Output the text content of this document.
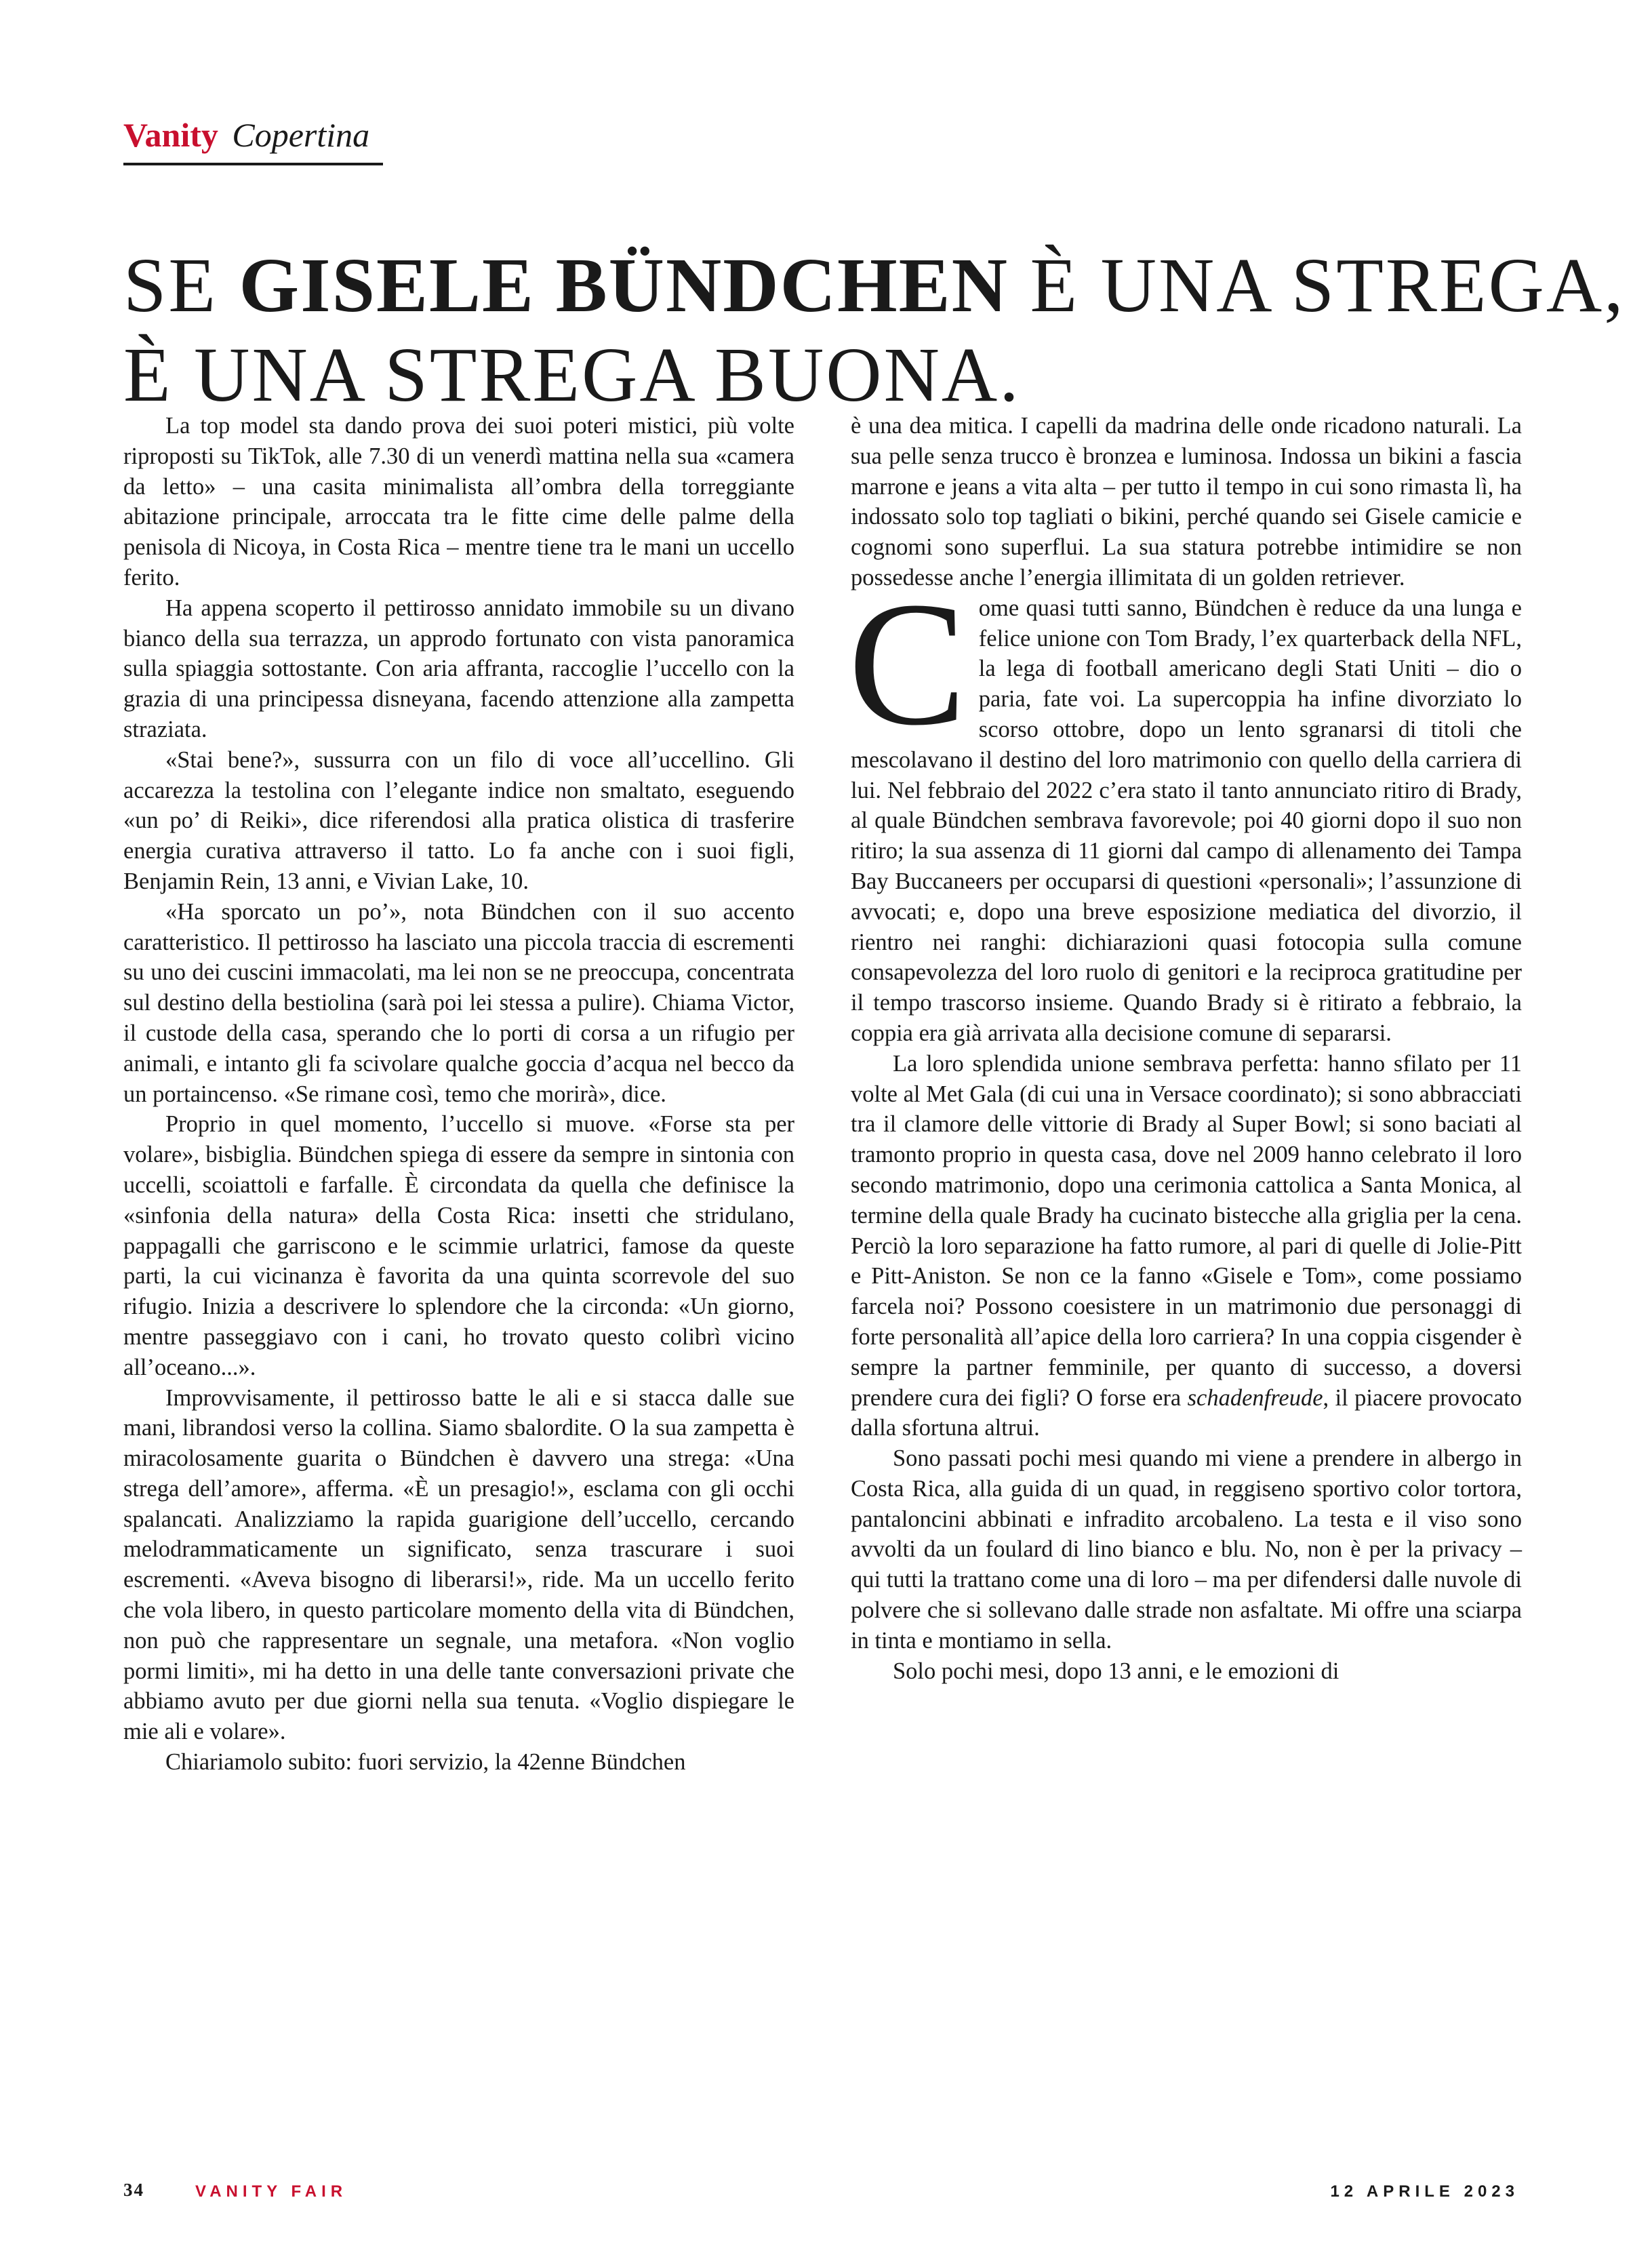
Vanity Copertina
SE GISELE BÜNDCHEN È UNA STREGA,
È UNA STREGA BUONA.

La top model sta dando prova dei suoi poteri mistici, più volte riproposti su TikTok, alle 7.30 di un venerdì mattina nella sua «camera da letto» – una casita minimalista all’ombra della torreggiante abitazione principale, arroccata tra le fitte cime delle palme della penisola di Nicoya, in Costa Rica – mentre tiene tra le mani un uccello ferito.

Ha appena scoperto il pettirosso annidato immobile su un divano bianco della sua terrazza, un approdo fortunato con vista panoramica sulla spiaggia sottostante. Con aria affranta, raccoglie l’uccello con la grazia di una principessa disneyana, facendo attenzione alla zampetta straziata.

«Stai bene?», sussurra con un filo di voce all’uccellino. Gli accarezza la testolina con l’elegante indice non smaltato, eseguendo «un po’ di Reiki», dice riferendosi alla pratica olistica di trasferire energia curativa attraverso il tatto. Lo fa anche con i suoi figli, Benjamin Rein, 13 anni, e Vivian Lake, 10.

«Ha sporcato un po’», nota Bündchen con il suo accento caratteristico. Il pettirosso ha lasciato una piccola traccia di escrementi su uno dei cuscini immacolati, ma lei non se ne preoccupa, concentrata sul destino della bestiolina (sarà poi lei stessa a pulire). Chiama Victor, il custode della casa, sperando che lo porti di corsa a un rifugio per animali, e intanto gli fa scivolare qualche goccia d’acqua nel becco da un portaincenso. «Se rimane così, temo che morirà», dice.

Proprio in quel momento, l’uccello si muove. «Forse sta per volare», bisbiglia. Bündchen spiega di essere da sempre in sintonia con uccelli, scoiattoli e farfalle. È circondata da quella che definisce la «sinfonia della natura» della Costa Rica: insetti che stridulano, pappagalli che garriscono e le scimmie urlatrici, famose da queste parti, la cui vicinanza è favorita da una quinta scorrevole del suo rifugio. Inizia a descrivere lo splendore che la circonda: «Un giorno, mentre passeggiavo con i cani, ho trovato questo colibrì vicino all’oceano...».

Improvvisamente, il pettirosso batte le ali e si stacca dalle sue mani, librandosi verso la collina. Siamo sbalordite. O la sua zampetta è miracolosamente guarita o Bündchen è davvero una strega: «Una strega dell’amore», afferma. «È un presagio!», esclama con gli occhi spalancati. Analizziamo la rapida guarigione dell’uccello, cercando melodrammaticamente un significato, senza trascurare i suoi escrementi. «Aveva bisogno di liberarsi!», ride. Ma un uccello ferito che vola libero, in questo particolare momento della vita di Bündchen, non può che rappresentare un segnale, una metafora. «Non voglio pormi limiti», mi ha detto in una delle tante conversazioni private che abbiamo avuto per due giorni nella sua tenuta. «Voglio dispiegare le mie ali e volare».

Chiariamolo subito: fuori servizio, la 42enne Bündchen

è una dea mitica. I capelli da madrina delle onde ricadono naturali. La sua pelle senza trucco è bronzea e luminosa. Indossa un bikini a fascia marrone e jeans a vita alta – per tutto il tempo in cui sono rimasta lì, ha indossato solo top tagliati o bikini, perché quando sei Gisele camicie e cognomi sono superflui. La sua statura potrebbe intimidire se non possedesse anche l’energia illimitata di un golden retriever.

Come quasi tutti sanno, Bündchen è reduce da una lunga e felice unione con Tom Brady, l’ex quarterback della NFL, la lega di football americano degli Stati Uniti – dio o paria, fate voi. La supercoppia ha infine divorziato lo scorso ottobre, dopo un lento sgranarsi di titoli che mescolavano il destino del loro matrimonio con quello della carriera di lui. Nel febbraio del 2022 c’era stato il tanto annunciato ritiro di Brady, al quale Bündchen sembrava favorevole; poi 40 giorni dopo il suo non ritiro; la sua assenza di 11 giorni dal campo di allenamento dei Tampa Bay Buccaneers per occuparsi di questioni «personali»; l’assunzione di avvocati; e, dopo una breve esposizione mediatica del divorzio, il rientro nei ranghi: dichiarazioni quasi fotocopia sulla comune consapevolezza del loro ruolo di genitori e la reciproca gratitudine per il tempo trascorso insieme. Quando Brady si è ritirato a febbraio, la coppia era già arrivata alla decisione comune di separarsi.

La loro splendida unione sembrava perfetta: hanno sfilato per 11 volte al Met Gala (di cui una in Versace coordinato); si sono abbracciati tra il clamore delle vittorie di Brady al Super Bowl; si sono baciati al tramonto proprio in questa casa, dove nel 2009 hanno celebrato il loro secondo matrimonio, dopo una cerimonia cattolica a Santa Monica, al termine della quale Brady ha cucinato bistecche alla griglia per la cena. Perciò la loro separazione ha fatto rumore, al pari di quelle di Jolie-Pitt e Pitt-Aniston. Se non ce la fanno «Gisele e Tom», come possiamo farcela noi? Possono coesistere in un matrimonio due personaggi di forte personalità all’apice della loro carriera? In una coppia cisgender è sempre la partner femminile, per quanto di successo, a doversi prendere cura dei figli? O forse era schadenfreude, il piacere provocato dalla sfortuna altrui.

Sono passati pochi mesi quando mi viene a prendere in albergo in Costa Rica, alla guida di un quad, in reggiseno sportivo color tortora, pantaloncini abbinati e infradito arcobaleno. La testa e il viso sono avvolti da un foulard di lino bianco e blu. No, non è per la privacy – qui tutti la trattano come una di loro – ma per difendersi dalle nuvole di polvere che si sollevano dalle strade non asfaltate. Mi offre una sciarpa in tinta e montiamo in sella.

Solo pochi mesi, dopo 13 anni, e le emozioni di

34	VANITY FAIR	12 APRILE 2023
